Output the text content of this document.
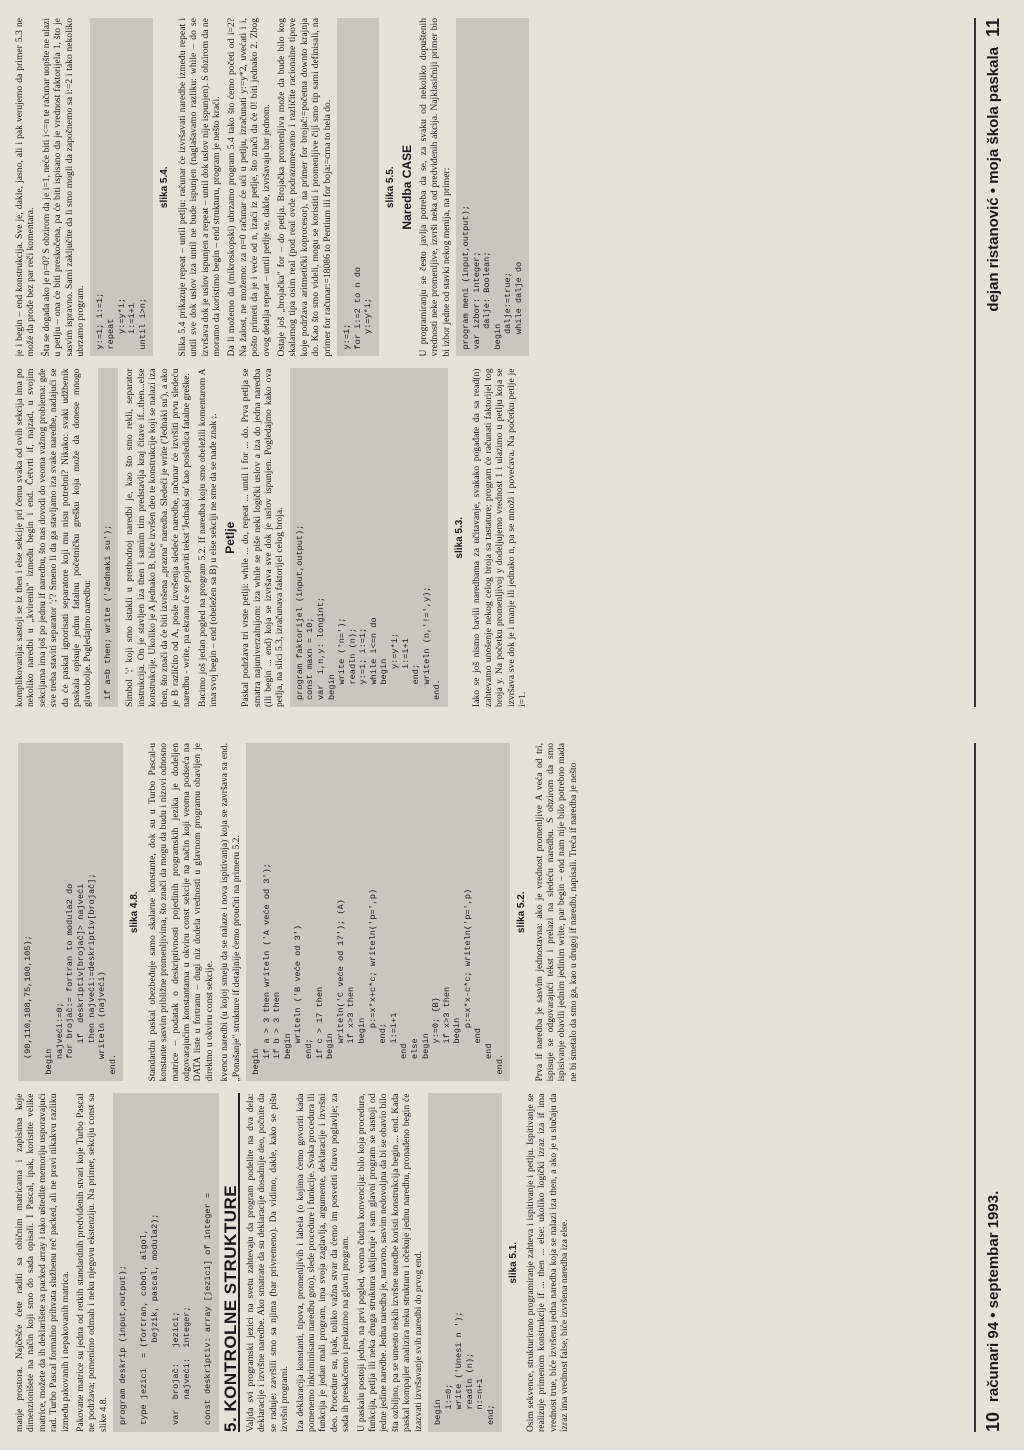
manje prostora. Najčešće ćete raditi sa običnim matricama i zapisima koje dimenzionišete na način koji smo do sada opisali. I Pascal, ipak, koristite velike matrice, možete da ih deklarišete sa packed array i tako uštedite memoriju usporavajući rad. Turbo Pascal formalno prihvata službenu reč packed, ali ne pravi nikakvu razliku između pakovanih i nepakovanih matrica. Pakovane matrice su jedna od retkih standardnih predviđenih stvari koje Turbo Pascal ne podržava; pomenimo odmah i neku njegovu ekstenziju. Na primer, sekciju const sa slike 4.8.	program deskrip (input,output);

type jezici  = (fortran, cobol, algol,
bejzik, pascal, modula2);

var  brojač:   jezici;
najveći:  integer;

const deskriptiv: array [jezici] of integer = 5. KONTROLNE STRUKTURE Valjda svi programski jezici na svetu zahtevaju da program podelite na dva dela: deklaracije i izvršne naredbe. Ako smatrate da su deklaracije dosadnije deo, počnite da se raduje: završili smo sa njima (bar privremeno). Da vidimo, dakle, kako se pišu izvršni programi. Iza deklaracija konstanti, tipova, promenljivih i labela (o kojima ćemo govoriti kada pomenemo inkriminisanu naredbu goto), slede procedure i funkcije. Svaka procedura ili funkcija je jedan mali program, ima svoja zaglavlja, argumente, deklaracije i izvršni deo. Procedure su, ipak, toliko važna stvar da ćemo im posvetiti čitavo poglavlje; za sada ih preskačemo i prelazimo na glavni program. U paskalu postoji jedna, na prvi pogled, veoma čudna konvencija: bilo koja procedura, funkcija, petlja ili neka druga struktura uključuje i sam glavni program se sastoji od jedne jedine naredbe. Jedna naredba je, naravno, sasvim nedovoljna da bi se obavio bilo šta ozbiljno, pa se umesto nekih izvršne naredbe koristi konstrukcija begin ... end. Kada paskal kompajler analizira neku strukturu i očekuje jednu naredbu, pronađeno begin će izazvati izvršavanje svih naredbi do prvog end.	begin
i:=0;
write ('Unesi n ');
readln (n);
n:=n+1
end;
slika 5.1. Osim sekvence, strukturirano programiranje zahteva i ispitivanje i petlju. Ispitivanje se realizuje primenom konstrukcije if ... then ... else: ukoliko logički izraz iza if ima vrednost true, biće izvršena jedna naredba koja se nalazi iza then, a ako je u slučaju da izraz ima vrednost false, biće izvršena naredba iza else.

(90,110,108,75,100,105);

begin
najveći:=0;
for brojač:= fortran to modula2 do
if  deskriptiv[brojač]> najveći
then najveći:=deskriptiv[brojač];
writeln (najveći)
end.
slika 4.8. Standardni paskal obezbeđuje samo skalarne konstante, dok su u Turbo Pascal-u konstante sasvim približne promenljivima, što znači da mogu da budu i nizovi odnosno matrice – podatak o deskriptivnosti pojedinih programskih jezika je dodeljen odgovarajućim konstantama u okviru const sekcije na način koji veoma podseća na DATA liste u fortranu – dugi niz dodela vrednosti u glavnom programu obavljen je direktno u okviru const sekcije. kvencu naredbi (u kojoj smeju da se nalaze i nova ispitivanja) koja se završava sa end. „Ponašanje" strukture if detaljnije ćemo proučiti na primeru 5.2.	begin
if a > 3 then writeln ('A veće od 3');
if b > 3 then
begin
writeln ('B veće od 3')
end;
if c > 17 then
begin
writeln('C veće od 17'); (A)
if x>3 then
begin
p:=x*x+c*c; writeln('p=',p)
end;
i:=i+1
end
else
begin
y:=0; {B}
if x>3 then
begin
p:=x*x-c*c; writeln('p=',p)
end
end
end.
slika 5.2. Prva if naredba je sasvim jednostavna: ako je vrednost promenljive A veća od tri, ispisuje se odgovarajući tekst i prelazi na sledeću naredbu. S obzirom da smo ispisivanje obavili jednim jedinim write, par begin – end nam nije bilo potrebno mada ne bi smetalo da smo ga, kao u drugoj if naredbi, napisali. Treća if naredba je nešto

10
računari 94 • septembar 1993.

komplikovanija: sastoji se iz then i else sekcije pri čemu svaka od ovih sekcija ima po nekoliko naredbi u „kvirenih" između begin i end. Četvrti if, najzad, u svojim sekcijama ima još po jednu if naredbu, što nas dovodi do veoma važnog problema: gde sve treba staviti separator ';'? Smeno li da ga stavljamo iza svake naredbe, nadajući se da će paskal ignorisati separatore koji mu nisu potrebni? Nikako: svaki udžbenik paskala opisuje jednu fatalnu početničku grešku koja može da donese mnogo glavobolje. Pogledajmo naredbu:	if a=b then; write ('Jednaki su');	Simbol ';' koji smo istakli u prethodnoj naredbi je, kao što smo rekli, separator instrukcija. On je stavljen iza then i samim tim predstavlja kraj čitave if...then...else konstrukcije. Ukoliko je A jednako B, biće izvršen deo te konstrukcije koji se nalazi iza then, što znači da će biti izvršena „prazna" naredba. Sledeći je write ('Jednaki su'), a ako je B različito od A, posle izvršenja sledeće naredbe, računar će izvršiti prvu sledeću naredbu - write, pa ekranu će se pojaviti tekst 'Jednaki su' kao posledica fatalne greške. Bacimo još jedan pogled na program 5.2. If naredba koju smo obeležili komentarom A ima svoj begin – end (obeležen sa B) u else sekciji ne sme da se nađe znak ;. Petlje Paskal podržava tri vrste petlji: while ... do, repeat ... until i for ... do. Prva petlja se smatra najuniverzalnijom: iza while se piše neki logički uslov a iza do jedna naredba (ili begin ... end) koja se izvršava sve dok je uslov ispunjen. Pogledajmo kako ova petlja, na slici 5.3, izračunava faktorijel celog broja.	program faktorijel (input,output);
const maxn = 10;
var  i,n,y: longint;
begin
write ('n=');
readln (n);
y:=1; i:=1;
while i<=n do
begin
y:=y*i;
i:=i+1
end;
writeln (n,'!=',y);
end.
slika 5.3. Iako se još nismo bavili naredbama za učitavanje, svakako pogađate da sa read(n) zahtevamo unošenje nekog celog broja sa tastature; program će računati faktorijel tog broja y. Na početku promenljivoj y dodeljujemo vrednost 1 i ulazimo u petlju koja se izvršava sve dok je i manje ili jednako n, pa se množi i povećava. Na početku petlje je i=1.

je i begin – end konstrukcija. Sve je, dakle, jasno, ali i pak verujemo da primer 5.3 ne može da prođe bez par reči komentara. Šta se događa ako je n=0? S obzirom da je i=1, neće biti i<=n te računar uopšte ne ulazi u petlju – ona će biti preskočena, pa će biti ispisano da je vrednost faktorijela 1, što je sasvim ispravno. Sami zaključite da li smo mogli da započnemo sa i:=2 i tako nekoliko ubrzamo program.	y:=1; i:=1;
repeat
y:=y*i;
i:=i+1
until i>n;
slika 5.4. Slika 5.4 prikazuje repeat – until petlju: računar će izvršavati naredbe između repeat i until sve dok uslov iza until ne bude ispunjen (naglašavamo razliku: while – do se izvršava dok je uslov ispunjen a repeat – until dok uslov nije ispunjen). S obzirom da ne moramo da koristimo begin – end strukturu, program je nešto kraći. Da li možemo da (mikroskopski) ubrzamo program 5.4 tako što ćemo početi od i=2? Na žalost, ne možemo: za n=0 računar će ući u petlju, izračunati y:=y*2, uvećati i i, pošto primeti da je i veće od n, izaći iz petlje, što znači da će 0! biti jednako 2. Zbog ovog detalja repeat – until petlje se, dakle, izvršavaju bar jednom. Ostaje još „brojačka" for – do petlja. Brojačka promenljiva može da bude bilo kog skalarnog tipa osim real (pod real ovde podrazumevamo i različite racionalne tipove koje podržava aritmetički koprocesor), na primer for brojač:=početna downto krajnja do. Kao što smo videli, mogu se koristiti i promenljive čiji smo tip sami definisali, na primer for računar:=18086 to Pentium ili for boja:=crna to bela do.	y:=1;
for i:=2 to n do
y:=y*i;
slika 5.5. Naredba CASE U programiranju se često javlja potreba da se, za svaku od nekoliko dopuštenih vrednosti neke promenljive, izvrši neka od predviđenih akcija. Najklasičniji primer bio bi izbor jedne od stavki nekog menija, na primer:	program meni (input,output);
var izbor: integer;
dalje: Boolean;
begin
dalje:=true;
while dalje do	dejan ristanović • moja škola paskala
11
